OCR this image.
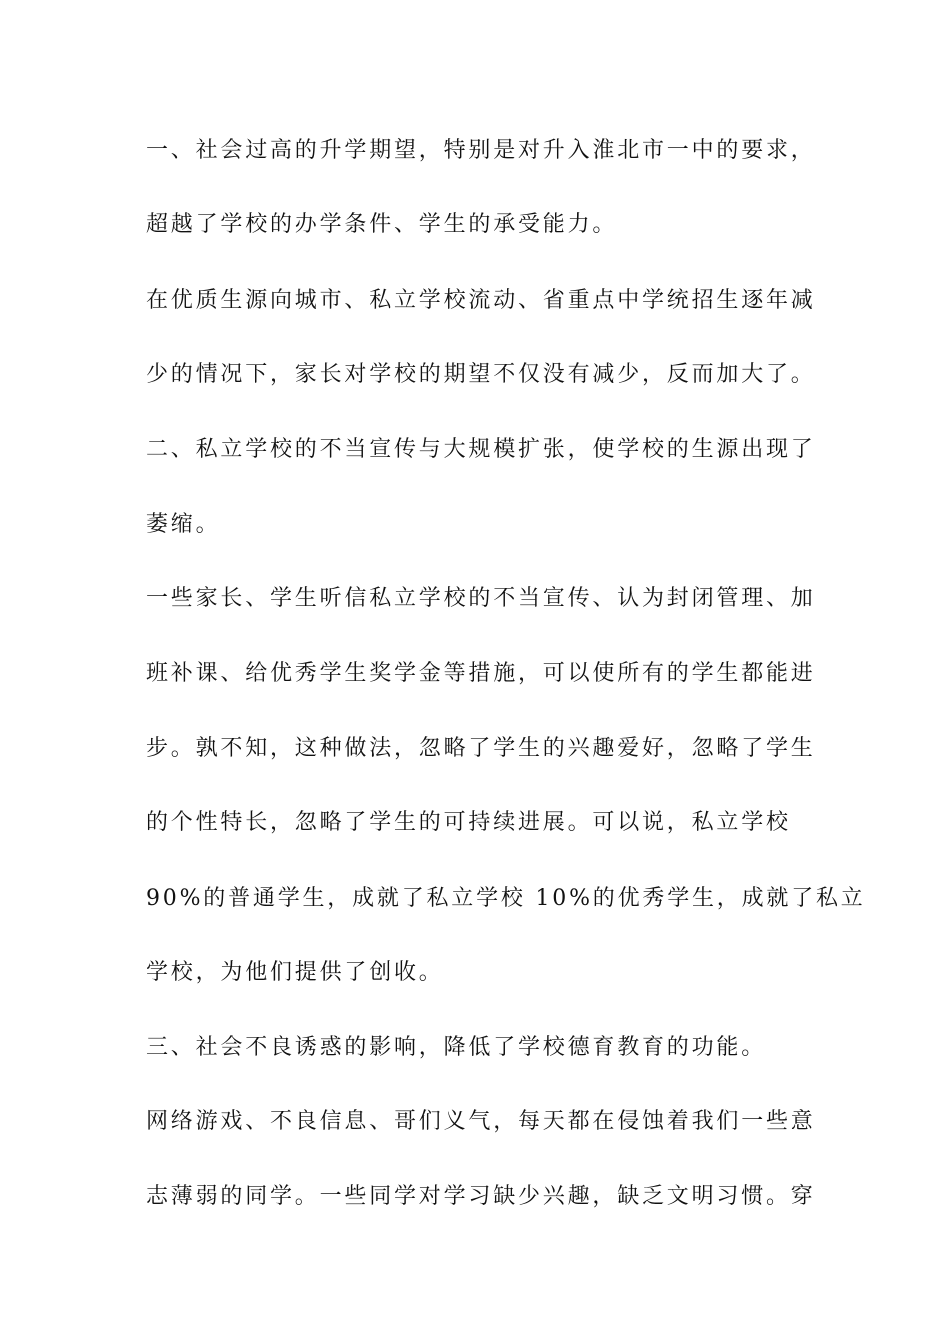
一、社会过高的升学期望，特别是对升入淮北市一中的要求，
超越了学校的办学条件、学生的承受能力。
在优质生源向城市、私立学校流动、省重点中学统招生逐年减
少的情况下，家长对学校的期望不仅没有减少，反而加大了。
二、私立学校的不当宣传与大规模扩张，使学校的生源出现了
萎缩。
一些家长、学生听信私立学校的不当宣传、认为封闭管理、加
班补课、给优秀学生奖学金等措施，可以使所有的学生都能进
步。孰不知，这种做法，忽略了学生的兴趣爱好，忽略了学生
的个性特长，忽略了学生的可持续进展。可以说，私立学校
90%的普通学生，成就了私立学校 10%的优秀学生，成就了私立
学校，为他们提供了创收。
三、社会不良诱惑的影响，降低了学校德育教育的功能。
网络游戏、不良信息、哥们义气，每天都在侵蚀着我们一些意
志薄弱的同学。一些同学对学习缺少兴趣，缺乏文明习惯。穿
